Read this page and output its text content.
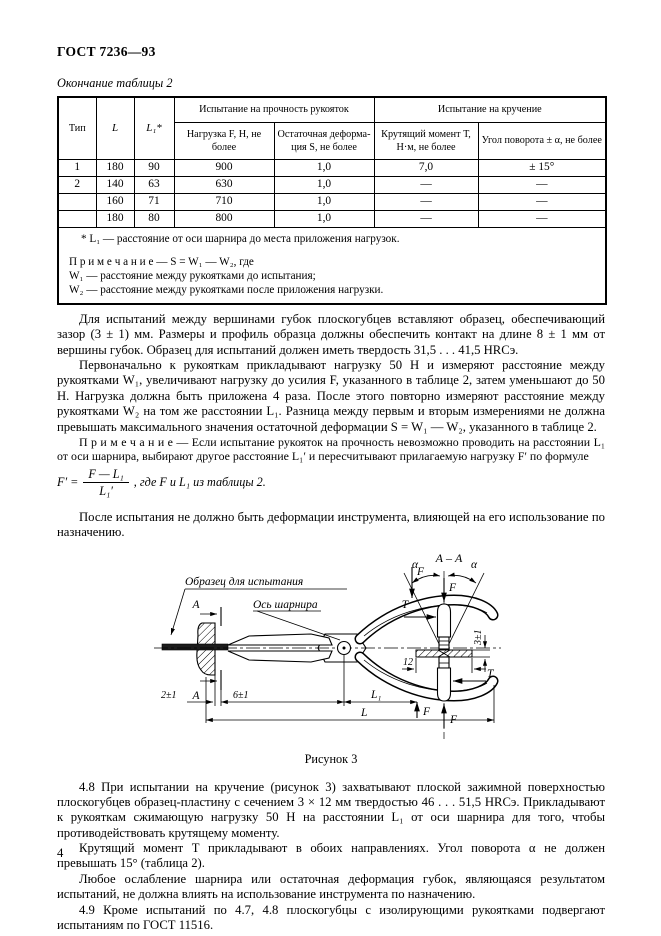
ГОСТ 7236—93
Окончание таблицы 2
Тип	L	L₁*	Испытание на прочность рукояток		Испытание на кручение	
			Нагрузка F, Н, не более	Остаточная деформация S, не более	Крутящий момент Т, Н·м, не более	Угол поворота ± α, не более
1	180	90	900	1,0	7,0	± 15°
2	140	63	630	1,0	—	—
	160	71	710	1,0	—	—
	180	80	800	1,0	—	—

* L₁ — расстояние от оси шарнира до места приложения нагрузок.
П р и м е ч а н и е — S = W₁ — W₂, где
W₁ — расстояние между рукоятками до испытания;
W₂ — расстояние между рукоятками после приложения нагрузки.						

Для испытаний между вершинами губок плоскогубцев вставляют образец, обеспечивающий зазор (3 ± 1) мм. Размеры и профиль образца должны обеспечить контакт на длине 8 ± 1 мм от вершины губок. Образец для испытаний должен иметь твердость 31,5 . . . 41,5 HRCэ.

Первоначально к рукояткам прикладывают нагрузку 50 Н и измеряют расстояние между рукоятками W₁, увеличивают нагрузку до усилия F, указанного в таблице 2, затем уменьшают до 50 Н. Нагрузка должна быть приложена 4 раза. После этого повторно измеряют расстояние между рукоятками W₂ на том же расстоянии L₁. Разница между первым и вторым измерениями не должна превышать максимального значения остаточной деформации S = W₁ — W₂, указанного в таблице 2.

П р и м е ч а н и е — Если испытание рукояток на прочность невозможно проводить на расстоянии L₁ от оси шарнира, выбирают другое расстояние L₁′ и пересчитывают прилагаемую нагрузку F′ по формуле

$F' = \frac{\text{F — L₁}}{\text{L₁′}}$ , где F и L₁ из таблицы 2.

После испытания не должно быть деформации инструмента, влияющей на его использование по назначению.

Образец для испытания
Ось шарнира
A
A
F
F
2±1	6±1	L₁
L
А – А
α	α
F
F
T
T
12
3±1
Рисунок 3

4.8 При испытании на кручение (рисунок 3) захватывают плоской зажимной поверхностью плоскогубцев образец-пластину с сечением 3 × 12 мм твердостью 46 . . . 51,5 HRCэ. Прикладывают к рукояткам сжимающую нагрузку 50 Н на расстоянии L₁ от оси шарнира для того, чтобы противодействовать крутящему моменту.

Крутящий момент Т прикладывают в обоих направлениях. Угол поворота α не должен превышать 15° (таблица 2).

Любое ослабление шарнира или остаточная деформация губок, являющаяся результатом испытаний, не должна влиять на использование инструмента по назначению.

4.9 Кроме испытаний по 4.7, 4.8 плоскогубцы с изолирующими рукоятками подвергают испытаниям по ГОСТ 11516.

4
